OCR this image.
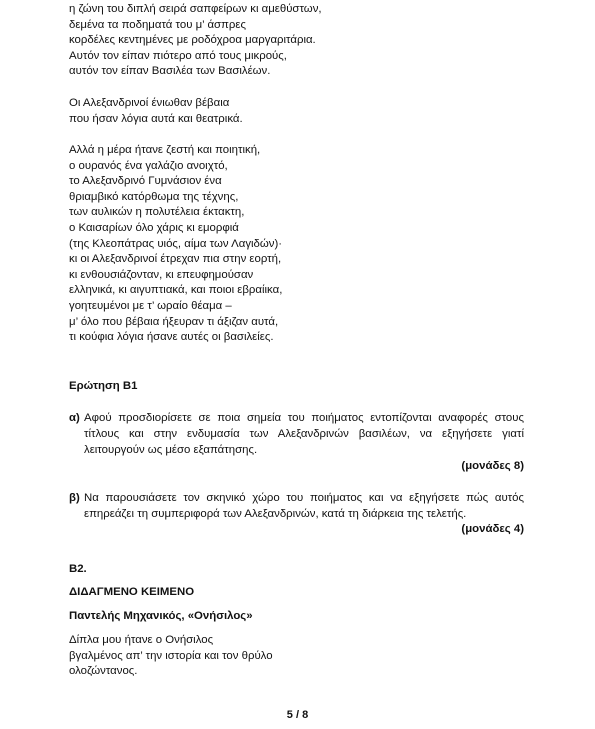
η ζώνη του διπλή σειρά σαπφείρων κι αμεθύστων,
δεμένα τα ποδηματά του μ’ άσπρες
κορδέλες κεντημένες με ροδόχροα μαργαριτάρια.
Αυτόν τον είπαν πιότερο από τους μικρούς,
αυτόν τον είπαν Βασιλέα των Βασιλέων.
Οι Αλεξανδρινοί ένιωθαν βέβαια
που ήσαν λόγια αυτά και θεατρικά.
Αλλά η μέρα ήτανε ζεστή και ποιητική,
ο ουρανός ένα γαλάζιο ανοιχτό,
το Αλεξανδρινό Γυμνάσιον ένα
θριαμβικό κατόρθωμα της τέχνης,
των αυλικών η πολυτέλεια έκτακτη,
ο Καισαρίων όλο χάρις κι εμορφιά
(της Κλεοπάτρας υιός, αίμα των Λαγιδών)·
κι οι Αλεξανδρινοί έτρεχαν πια στην εορτή,
κι ενθουσιάζονταν, κι επευφημούσαν
ελληνικά, κι αιγυπτιακά, και ποιοι εβραίικα,
γοητευμένοι με τ’ ωραίο θέαμα –
μ’ όλο που βέβαια ήξευραν τι άξιζαν αυτά,
τι κούφια λόγια ήσανε αυτές οι βασιλείες.
Ερώτηση Β1
α) Αφού προσδιορίσετε σε ποια σημεία του ποιήματος εντοπίζονται αναφορές στους τίτλους και στην ενδυμασία των Αλεξανδρινών βασιλέων, να εξηγήσετε γιατί λειτουργούν ως μέσο εξαπάτησης.
(μονάδες 8)
β) Να παρουσιάσετε τον σκηνικό χώρο του ποιήματος και να εξηγήσετε πώς αυτός επηρεάζει τη συμπεριφορά των Αλεξανδρινών, κατά τη διάρκεια της τελετής.
(μονάδες 4)
Β2.
ΔΙΔΑΓΜΕΝΟ ΚΕΙΜΕΝΟ
Παντελής Μηχανικός, «Ονήσιλος»
Δίπλα μου ήτανε ο Ονήσιλος
βγαλμένος απ’ την ιστορία και τον θρύλο
ολοζώντανος.
5 / 8
